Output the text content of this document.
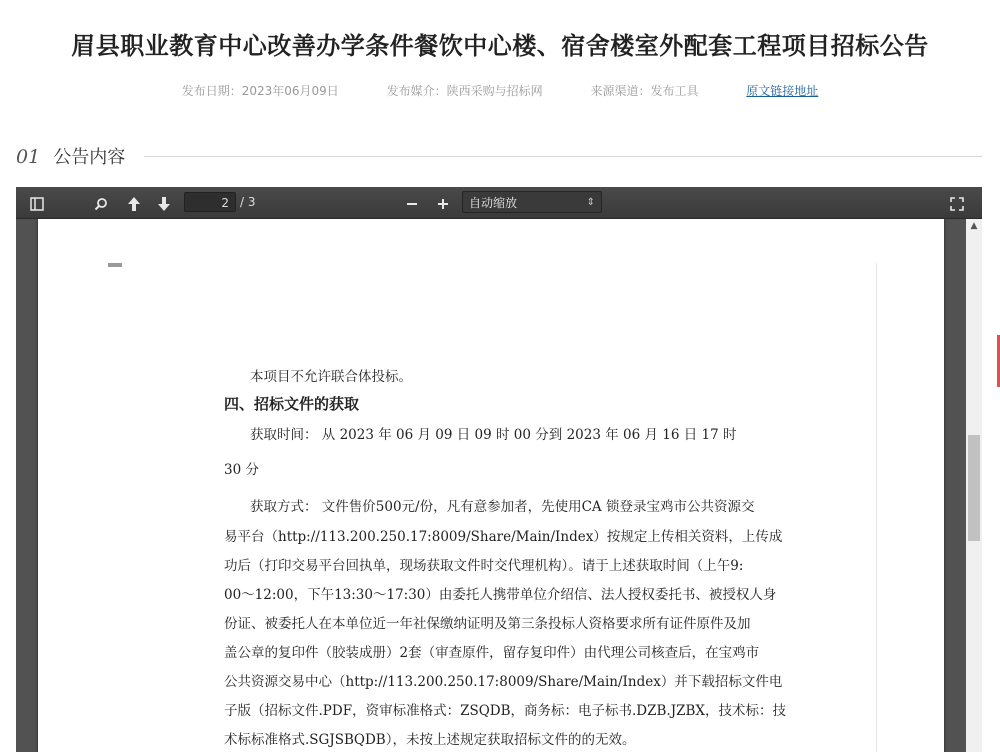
眉县职业教育中心改善办学条件餐饮中心楼、宿舍楼室外配套工程项目招标公告
发布日期：2023年06月09日	发布媒介：陕西采购与招标网	来源渠道：发布工具	原文链接地址
01 公告内容
2 / 3	自动缩放	⇕
本项目不允许联合体投标。
四、招标文件的获取
获取时间： 从 2023 年 06 月 09 日 09 时 00 分到 2023 年 06 月 16 日 17 时
30 分
获取方式： 文件售价500元/份，凡有意参加者，先使用CA 锁登录宝鸡市公共资源交
易平台（http://113.200.250.17:8009/Share/Main/Index）按规定上传相关资料，上传成
功后（打印交易平台回执单，现场获取文件时交代理机构）。请于上述获取时间（上午9:
00～12:00，下午13:30～17:30）由委托人携带单位介绍信、法人授权委托书、被授权人身
份证、被委托人在本单位近一年社保缴纳证明及第三条投标人资格要求所有证件原件及加
盖公章的复印件（胶装成册）2套（审查原件，留存复印件）由代理公司核查后，在宝鸡市
公共资源交易中心（http://113.200.250.17:8009/Share/Main/Index）并下载招标文件电
子版（招标文件.PDF，资审标准格式：ZSQDB，商务标：电子标书.DZB.JZBX，技术标：技
术标标准格式.SGJSBQDB），未按上述规定获取招标文件的的无效。
▲
